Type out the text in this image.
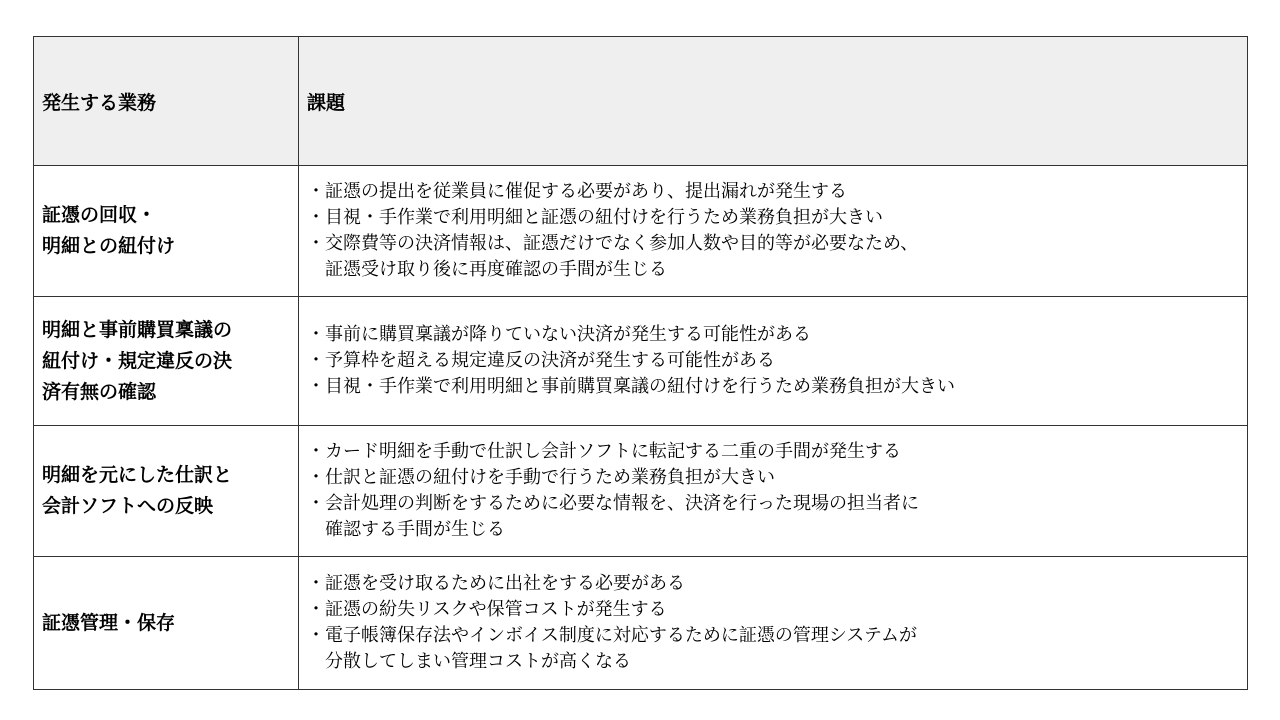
発生する業務	課題

証憑の回収・
明細との紐付け	・証憑の提出を従業員に催促する必要があり、提出漏れが発生する
・目視・手作業で利用明細と証憑の紐付けを行うため業務負担が大きい
・交際費等の決済情報は、証憑だけでなく参加人数や目的等が必要なため、
証憑受け取り後に再度確認の手間が生じる

明細と事前購買稟議の
紐付け・規定違反の決
済有無の確認	・事前に購買稟議が降りていない決済が発生する可能性がある
・予算枠を超える規定違反の決済が発生する可能性がある
・目視・手作業で利用明細と事前購買稟議の紐付けを行うため業務負担が大きい

明細を元にした仕訳と
会計ソフトへの反映	・カード明細を手動で仕訳し会計ソフトに転記する二重の手間が発生する
・仕訳と証憑の紐付けを手動で行うため業務負担が大きい
・会計処理の判断をするために必要な情報を、決済を行った現場の担当者に
確認する手間が生じる

証憑管理・保存	・証憑を受け取るために出社をする必要がある
・証憑の紛失リスクや保管コストが発生する
・電子帳簿保存法やインボイス制度に対応するために証憑の管理システムが
分散してしまい管理コストが高くなる
